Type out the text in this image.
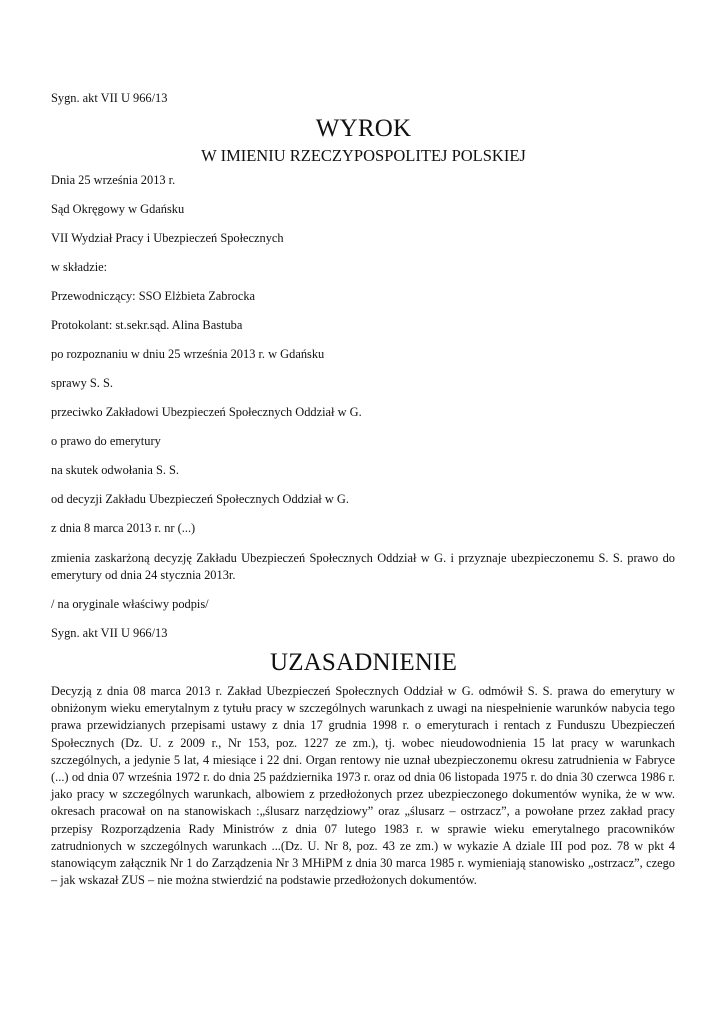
Sygn. akt VII U 966/13
WYROK
W IMIENIU RZECZYPOSPOLITEJ POLSKIEJ
Dnia 25 września 2013 r.
Sąd Okręgowy w Gdańsku
VII Wydział Pracy i Ubezpieczeń Społecznych
w składzie:
Przewodniczący: SSO Elżbieta Zabrocka
Protokolant: st.sekr.sąd. Alina Bastuba
po rozpoznaniu w dniu 25 września 2013 r. w Gdańsku
sprawy S. S.
przeciwko Zakładowi Ubezpieczeń Społecznych Oddział w G.
o prawo do emerytury
na skutek odwołania S. S.
od decyzji Zakładu Ubezpieczeń Społecznych Oddział w G.
z dnia 8 marca 2013 r. nr (...)
zmienia zaskarżoną decyzję Zakładu Ubezpieczeń Społecznych Oddział w G. i przyznaje ubezpieczonemu S. S. prawo do emerytury od dnia 24 stycznia 2013r.
/ na oryginale właściwy podpis/
Sygn. akt VII U 966/13
UZASADNIENIE
Decyzją z dnia 08 marca 2013 r. Zakład Ubezpieczeń Społecznych Oddział w G. odmówił S. S. prawa do emerytury w obniżonym wieku emerytalnym z tytułu pracy w szczególnych warunkach z uwagi na niespełnienie warunków nabycia tego prawa przewidzianych przepisami ustawy z dnia 17 grudnia 1998 r. o emeryturach i rentach z Funduszu Ubezpieczeń Społecznych (Dz. U. z 2009 r., Nr 153, poz. 1227 ze zm.), tj. wobec nieudowodnienia 15 lat pracy w warunkach szczególnych, a jedynie 5 lat, 4 miesiące i 22 dni. Organ rentowy nie uznał ubezpieczonemu okresu zatrudnienia w Fabryce (...) od dnia 07 września 1972 r. do dnia 25 października 1973 r. oraz od dnia 06 listopada 1975 r. do dnia 30 czerwca 1986 r. jako pracy w szczególnych warunkach, albowiem z przedłożonych przez ubezpieczonego dokumentów wynika, że w ww. okresach pracował on na stanowiskach :„ślusarz narzędziowy” oraz „ślusarz – ostrzacz”, a powołane przez zakład pracy przepisy Rozporządzenia Rady Ministrów z dnia 07 lutego 1983 r. w sprawie wieku emerytalnego pracowników zatrudnionych w szczególnych warunkach ...(Dz. U. Nr 8, poz. 43 ze zm.) w wykazie A dziale III pod poz. 78 w pkt 4 stanowiącym załącznik Nr 1 do Zarządzenia Nr 3 MHiPM z dnia 30 marca 1985 r. wymieniają stanowisko „ostrzacz”, czego – jak wskazał ZUS – nie można stwierdzić na podstawie przedłożonych dokumentów.
